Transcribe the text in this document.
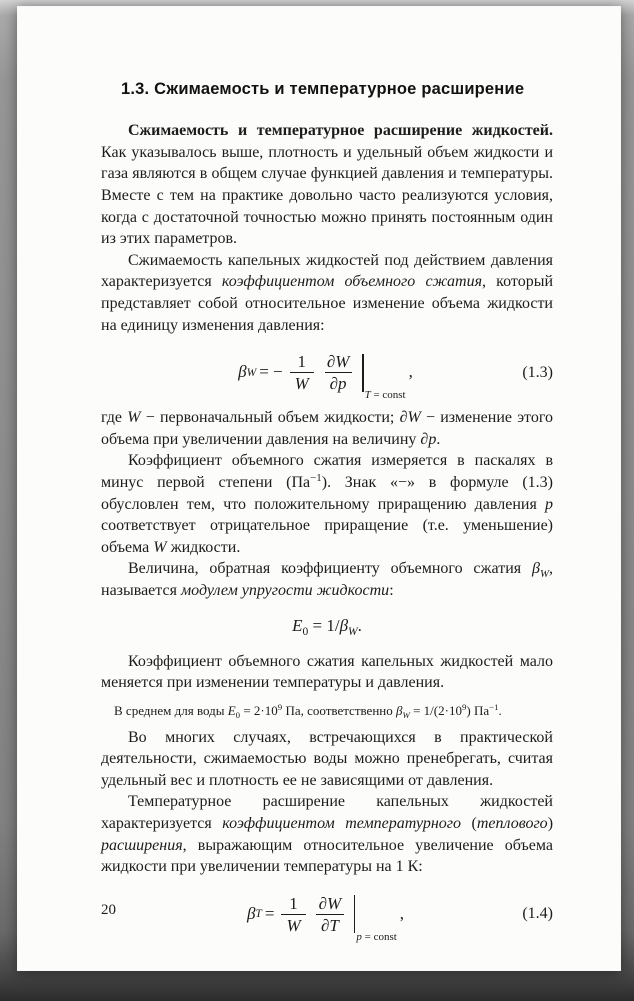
1.3. Сжимаемость и температурное расширение

Сжимаемость и температурное расширение жидкостей. Как указывалось выше, плотность и удельный объем жидкости и газа являются в общем случае функцией давления и температуры. Вместе с тем на практике довольно часто реализуются условия, когда с достаточной точностью можно принять постоянным один из этих параметров.

Сжимаемость капельных жидкостей под действием давления характеризуется коэффициентом объемного сжатия, который представляет собой относительное изменение объема жидкости на единицу изменения давления:

β W = − $\frac{1}{W} \frac{\partial W}{\partial p}$
T = const
,	(1.3)

где W − первоначальный объем жидкости; ∂W − изменение этого объема при увеличении давления на величину ∂p.

Коэффициент объемного сжатия измеряется в паскалях в минус первой степени $(Па^{-1})$. Знак «−» в формуле (1.3) обусловлен тем, что положительному приращению давления p соответствует отрицательное приращение (т.е. уменьшение) объема W жидкости.

Величина, обратная коэффициенту объемного сжатия $\beta_W$, называется модулем упругости жидкости:

$E_0 = 1/\beta_W$.

Коэффициент объемного сжатия капельных жидкостей мало меняется при изменении температуры и давления.

В среднем для воды $E_0 = 2\cdot 10^9$ Па, соответственно $\beta_W = 1/(2\cdot 10^9)$ $Па^{-1}$.

Во многих случаях, встречающихся в практической деятельности, сжимаемостью воды можно пренебрегать, считая удельный вес и плотность ее не зависящими от давления.

Температурное расширение капельных жидкостей характеризуется коэффициентом температурного (теплового) расширения, выражающим относительное увеличение объема жидкости при увеличении температуры на 1 К:

β $T = \frac{1}{W} \frac{\partial W}{\partial T}$
p = const
,	(1.4)
20
